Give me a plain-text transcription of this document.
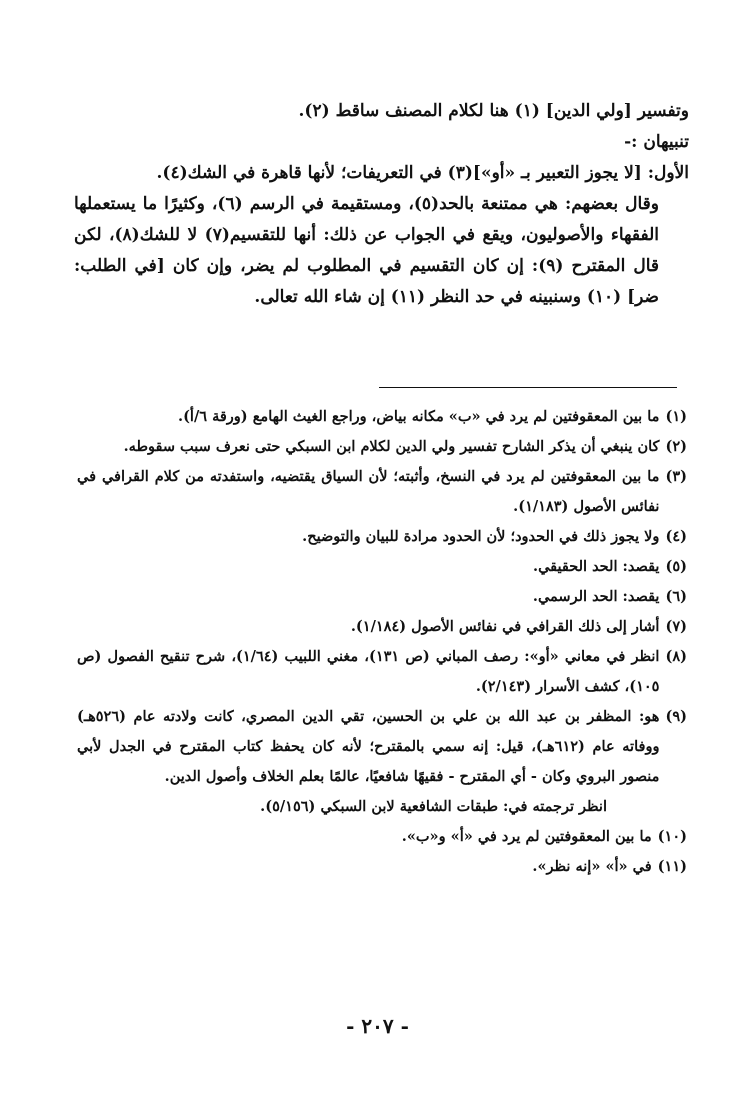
وتفسير [ولي الدين] (١) هنا لكلام المصنف ساقط (٢).

تنبيهان :-

الأول: [لا يجوز التعبير بـ «أو»](٣) في التعريفات؛ لأنها قاهرة في الشك(٤).

وقال بعضهم: هي ممتنعة بالحد(٥)، ومستقيمة في الرسم (٦)، وكثيرًا ما يستعملها الفقهاء والأصوليون، ويقع في الجواب عن ذلك: أنها للتقسيم(٧) لا للشك(٨)، لكن قال المقترح (٩): إن كان التقسيم في المطلوب لم يضر، وإن كان [في الطلب: ضر] (١٠) وسنبينه في حد النظر (١١) إن شاء الله تعالى.

(١)
ما بين المعقوفتين لم يرد في «ب» مكانه بياض، وراجع الغيث الهامع (ورقة ٦/أ).
(٢)
كان ينبغي أن يذكر الشارح تفسير ولي الدين لكلام ابن السبكي حتى نعرف سبب سقوطه.
(٣)
ما بين المعقوفتين لم يرد في النسخ، وأثبته؛ لأن السياق يقتضيه، واستفدته من كلام القرافي في نفائس الأصول (١/١٨٣).
(٤)
ولا يجوز ذلك في الحدود؛ لأن الحدود مرادة للبيان والتوضيح.
(٥)
يقصد: الحد الحقيقي.
(٦)
يقصد: الحد الرسمي.
(٧)
أشار إلى ذلك القرافي في نفائس الأصول (١/١٨٤).
(٨)
انظر في معاني «أو»: رصف المباني (ص ١٣١)، مغني اللبيب (١/٦٤)، شرح تنقيح الفصول (ص ١٠٥)، كشف الأسرار (٢/١٤٣).
(٩)
هو: المظفر بن عبد الله بن علي بن الحسين، تقي الدين المصري، كانت ولادته عام (٥٢٦هـ) ووفاته عام (٦١٢هـ)، قيل: إنه سمي بالمقترح؛ لأنه كان يحفظ كتاب المقترح في الجدل لأبي منصور البروي وكان - أي المقترح - فقيهًا شافعيًا، عالمًا بعلم الخلاف وأصول الدين.
انظر ترجمته في: طبقات الشافعية لابن السبكي (٥/١٥٦).
(١٠)
ما بين المعقوفتين لم يرد في «أ» و«ب».
(١١)
في «أ» «إنه نظر».
- ٢٠٧ -
